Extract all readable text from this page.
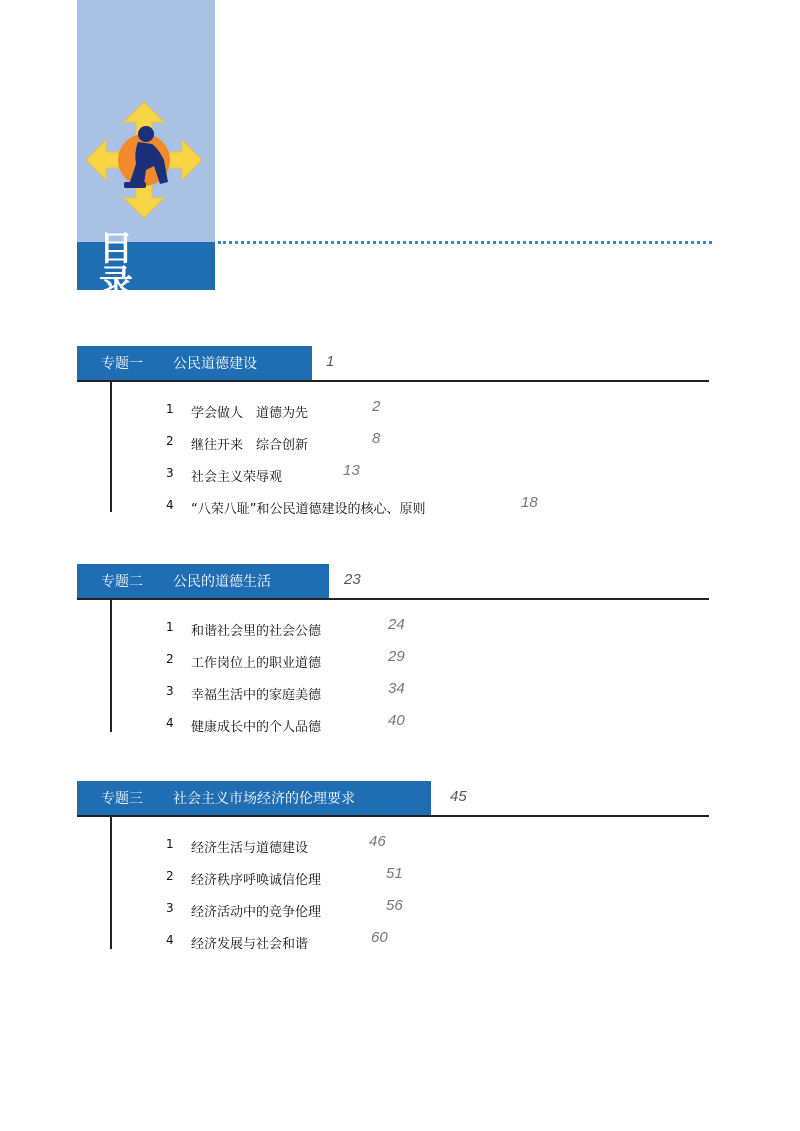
目 录
专题一	公民道德建设	1
1 学会做人　道德为先	2
2 继往开来　综合创新	8
3 社会主义荣辱观	13
4 “八荣八耻”和公民道德建设的核心、原则	18
专题二	公民的道德生活	23
1 和谐社会里的社会公德	24
2 工作岗位上的职业道德	29
3 幸福生活中的家庭美德	34
4 健康成长中的个人品德	40
专题三	社会主义市场经济的伦理要求	45
1 经济生活与道德建设	46
2 经济秩序呼唤诚信伦理	51
3 经济活动中的竞争伦理	56
4 经济发展与社会和谐	60
